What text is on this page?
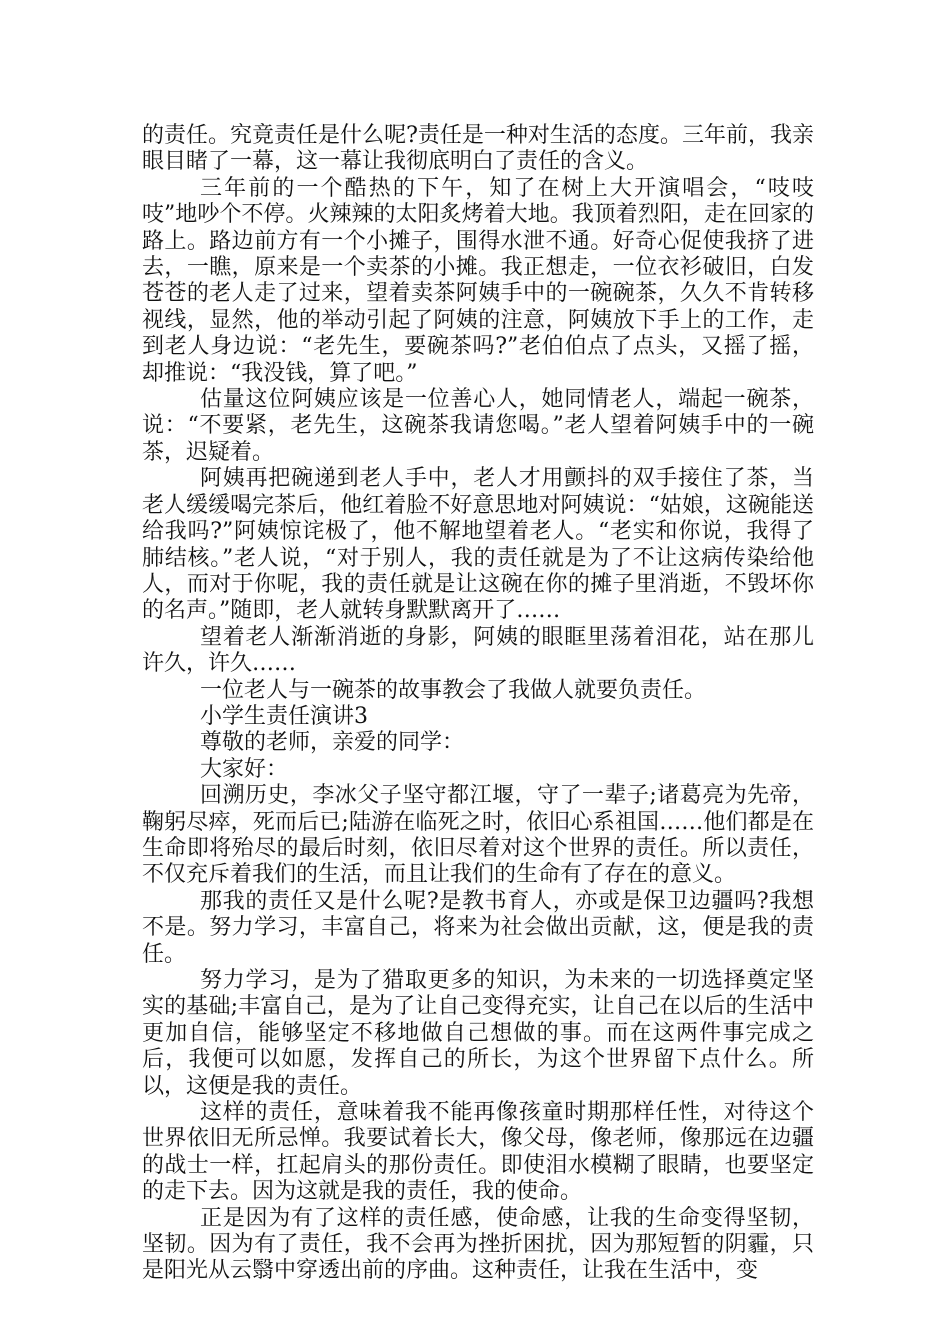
的责任。究竟责任是什么呢?责任是一种对生活的态度。三年前，我亲眼目睹了一幕，这一幕让我彻底明白了责任的含义。

三年前的一个酷热的下午，知了在树上大开演唱会，“吱吱吱”地吵个不停。火辣辣的太阳炙烤着大地。我顶着烈阳，走在回家的路上。路边前方有一个小摊子，围得水泄不通。好奇心促使我挤了进去，一瞧，原来是一个卖茶的小摊。我正想走，一位衣衫破旧，白发苍苍的老人走了过来，望着卖茶阿姨手中的一碗碗茶，久久不肯转移视线，显然，他的举动引起了阿姨的注意，阿姨放下手上的工作，走到老人身边说：“老先生，要碗茶吗?”老伯伯点了点头，又摇了摇，却推说：“我没钱，算了吧。”

估量这位阿姨应该是一位善心人，她同情老人，端起一碗茶，说：“不要紧，老先生，这碗茶我请您喝。”老人望着阿姨手中的一碗茶，迟疑着。

阿姨再把碗递到老人手中，老人才用颤抖的双手接住了茶，当老人缓缓喝完茶后，他红着脸不好意思地对阿姨说：“姑娘，这碗能送给我吗?”阿姨惊诧极了，他不解地望着老人。“老实和你说，我得了肺结核。”老人说，“对于别人，我的责任就是为了不让这病传染给他人，而对于你呢，我的责任就是让这碗在你的摊子里消逝，不毁坏你的名声。”随即，老人就转身默默离开了……

望着老人渐渐消逝的身影，阿姨的眼眶里荡着泪花，站在那儿许久，许久……

一位老人与一碗茶的故事教会了我做人就要负责任。

小学生责任演讲3

尊敬的老师，亲爱的同学：

大家好：

回溯历史，李冰父子坚守都江堰，守了一辈子;诸葛亮为先帝，鞠躬尽瘁，死而后已;陆游在临死之时，依旧心系祖国……他们都是在生命即将殆尽的最后时刻，依旧尽着对这个世界的责任。所以责任，不仅充斥着我们的生活，而且让我们的生命有了存在的意义。

那我的责任又是什么呢?是教书育人，亦或是保卫边疆吗?我想不是。努力学习，丰富自己，将来为社会做出贡献，这，便是我的责任。

努力学习，是为了猎取更多的知识，为未来的一切选择奠定坚实的基础;丰富自己，是为了让自己变得充实，让自己在以后的生活中更加自信，能够坚定不移地做自己想做的事。而在这两件事完成之后，我便可以如愿，发挥自己的所长，为这个世界留下点什么。所以，这便是我的责任。

这样的责任，意味着我不能再像孩童时期那样任性，对待这个世界依旧无所忌惮。我要试着长大，像父母，像老师，像那远在边疆的战士一样，扛起肩头的那份责任。即使泪水模糊了眼睛，也要坚定的走下去。因为这就是我的责任，我的使命。

正是因为有了这样的责任感，使命感，让我的生命变得坚韧，坚韧。因为有了责任，我不会再为挫折困扰，因为那短暂的阴霾，只是阳光从云翳中穿透出前的序曲。这种责任，让我在生活中，变
